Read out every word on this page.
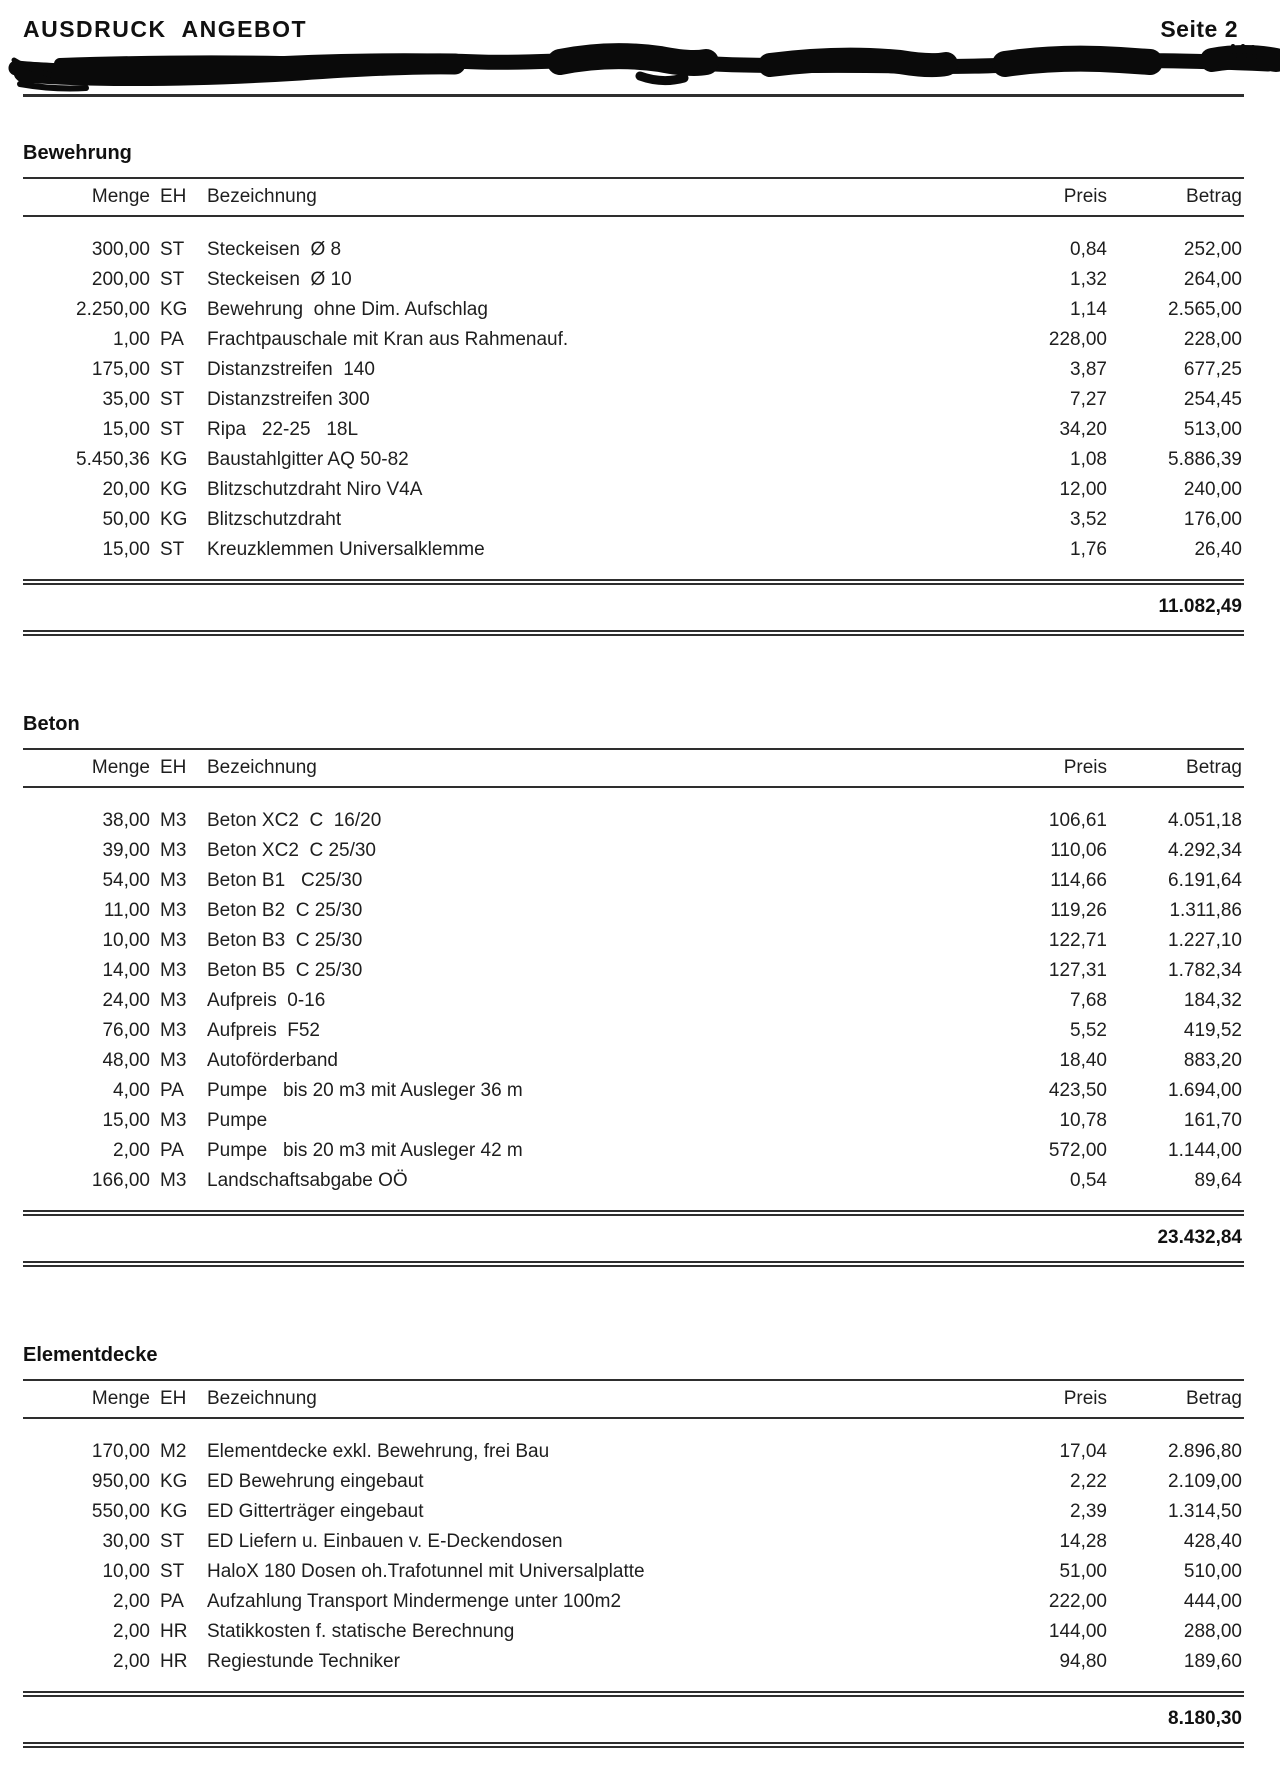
AUSDRUCK  ANGEBOT	Seite 2
Bewehrung
Menge EH	Bezeichnung	Preis	Betrag
300,00 ST	Steckeisen  Ø 8	0,84	252,00
200,00 ST	Steckeisen  Ø 10	1,32	264,00
2.250,00 KG	Bewehrung  ohne Dim. Aufschlag	1,14	2.565,00
1,00 PA	Frachtpauschale mit Kran aus Rahmenauf.	228,00	228,00
175,00 ST	Distanzstreifen  140	3,87	677,25
35,00 ST	Distanzstreifen 300	7,27	254,45
15,00 ST	Ripa   22-25   18L	34,20	513,00
5.450,36 KG	Baustahlgitter AQ 50-82	1,08	5.886,39
20,00 KG	Blitzschutzdraht Niro V4A	12,00	240,00
50,00 KG	Blitzschutzdraht	3,52	176,00
15,00 ST	Kreuzklemmen Universalklemme	1,76	26,40
11.082,49
Beton
Menge EH	Bezeichnung	Preis	Betrag
38,00 M3	Beton XC2  C  16/20	106,61	4.051,18
39,00 M3	Beton XC2  C 25/30	110,06	4.292,34
54,00 M3	Beton B1   C25/30	114,66	6.191,64
11,00 M3	Beton B2  C 25/30	119,26	1.311,86
10,00 M3	Beton B3  C 25/30	122,71	1.227,10
14,00 M3	Beton B5  C 25/30	127,31	1.782,34
24,00 M3	Aufpreis  0-16	7,68	184,32
76,00 M3	Aufpreis  F52	5,52	419,52
48,00 M3	Autoförderband	18,40	883,20
4,00 PA	Pumpe   bis 20 m3 mit Ausleger 36 m	423,50	1.694,00
15,00 M3	Pumpe	10,78	161,70
2,00 PA	Pumpe   bis 20 m3 mit Ausleger 42 m	572,00	1.144,00
166,00 M3	Landschaftsabgabe OÖ	0,54	89,64
23.432,84
Elementdecke
Menge EH	Bezeichnung	Preis	Betrag
170,00 M2	Elementdecke exkl. Bewehrung, frei Bau	17,04	2.896,80
950,00 KG	ED Bewehrung eingebaut	2,22	2.109,00
550,00 KG	ED Gitterträger eingebaut	2,39	1.314,50
30,00 ST	ED Liefern u. Einbauen v. E-Deckendosen	14,28	428,40
10,00 ST	HaloX 180 Dosen oh.Trafotunnel mit Universalplatte	51,00	510,00
2,00 PA	Aufzahlung Transport Mindermenge unter 100m2	222,00	444,00
2,00 HR	Statikkosten f. statische Berechnung	144,00	288,00
2,00 HR	Regiestunde Techniker	94,80	189,60
8.180,30
